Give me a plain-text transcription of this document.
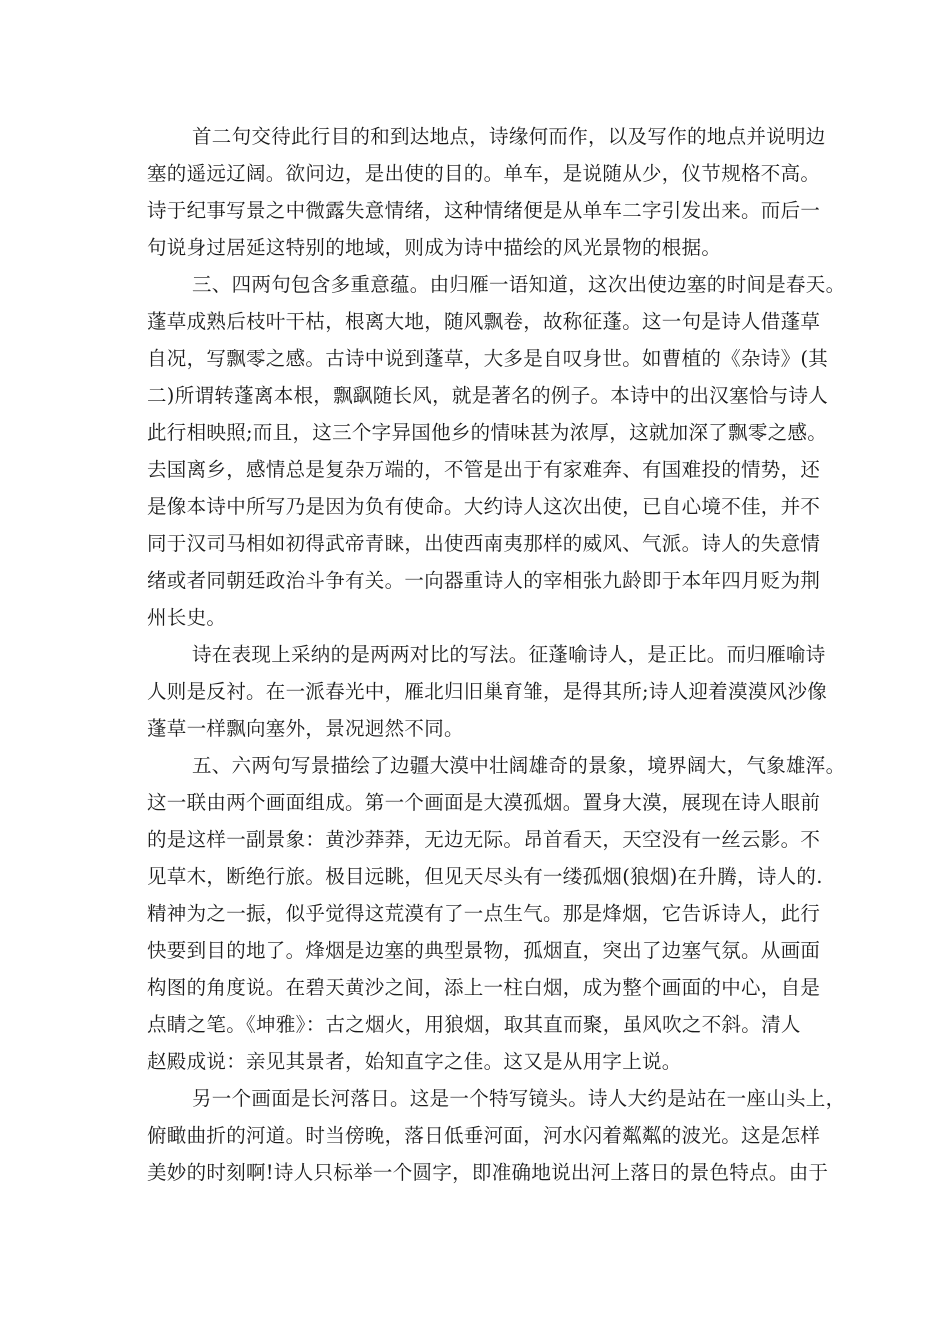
首二句交待此行目的和到达地点，诗缘何而作，以及写作的地点并说明边
塞的遥远辽阔。欲问边，是出使的目的。单车，是说随从少，仪节规格不高。
诗于纪事写景之中微露失意情绪，这种情绪便是从单车二字引发出来。而后一
句说身过居延这特别的地域，则成为诗中描绘的风光景物的根据。
三、四两句包含多重意蕴。由归雁一语知道，这次出使边塞的时间是春天。
蓬草成熟后枝叶干枯，根离大地，随风飘卷，故称征蓬。这一句是诗人借蓬草
自况，写飘零之感。古诗中说到蓬草，大多是自叹身世。如曹植的《杂诗》(其
二)所谓转蓬离本根，飘飖随长风，就是著名的例子。本诗中的出汉塞恰与诗人
此行相映照;而且，这三个字异国他乡的情味甚为浓厚，这就加深了飘零之感。
去国离乡，感情总是复杂万端的，不管是出于有家难奔、有国难投的情势，还
是像本诗中所写乃是因为负有使命。大约诗人这次出使，已自心境不佳，并不
同于汉司马相如初得武帝青睐，出使西南夷那样的威风、气派。诗人的失意情
绪或者同朝廷政治斗争有关。一向器重诗人的宰相张九龄即于本年四月贬为荆
州长史。
诗在表现上采纳的是两两对比的写法。征蓬喻诗人，是正比。而归雁喻诗
人则是反衬。在一派春光中，雁北归旧巢育雏，是得其所;诗人迎着漠漠风沙像
蓬草一样飘向塞外，景况迥然不同。
五、六两句写景描绘了边疆大漠中壮阔雄奇的景象，境界阔大，气象雄浑。
这一联由两个画面组成。第一个画面是大漠孤烟。置身大漠，展现在诗人眼前
的是这样一副景象：黄沙莽莽，无边无际。昂首看天，天空没有一丝云影。不
见草木，断绝行旅。极目远眺，但见天尽头有一缕孤烟(狼烟)在升腾，诗人的.
精神为之一振，似乎觉得这荒漠有了一点生气。那是烽烟，它告诉诗人，此行
快要到目的地了。烽烟是边塞的典型景物，孤烟直，突出了边塞气氛。从画面
构图的角度说。在碧天黄沙之间，添上一柱白烟，成为整个画面的中心，自是
点睛之笔。《坤雅》：古之烟火，用狼烟，取其直而聚，虽风吹之不斜。清人
赵殿成说：亲见其景者，始知直字之佳。这又是从用字上说。
另一个画面是长河落日。这是一个特写镜头。诗人大约是站在一座山头上，
俯瞰曲折的河道。时当傍晚，落日低垂河面，河水闪着粼粼的波光。这是怎样
美妙的时刻啊!诗人只标举一个圆字，即准确地说出河上落日的景色特点。由于
